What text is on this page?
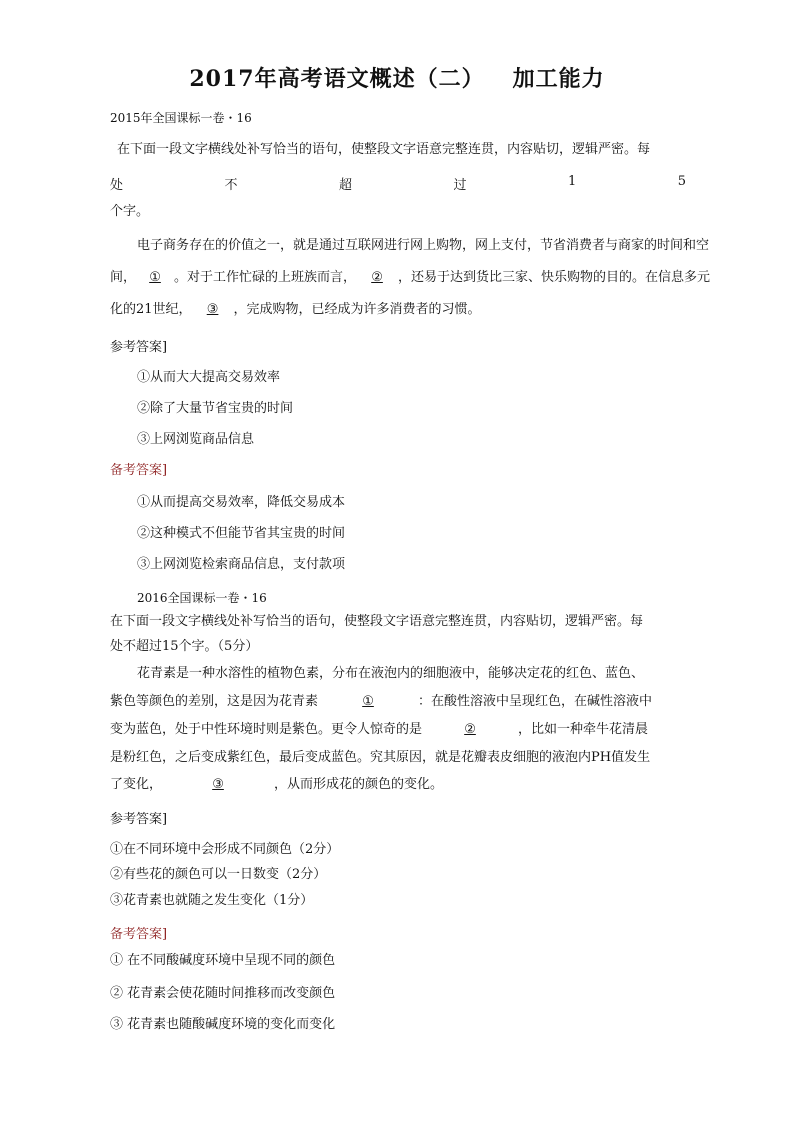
2017年高考语文概述（二） 加工能力
2015年全国课标一卷・16
在下面一段文字横线处补写恰当的语句，使整段文字语意完整连贯，内容贴切，逻辑严密。每
处	不	超	过	1	5
个字。
电子商务存在的价值之一，就是通过互联网进行网上购物，网上支付，节省消费者与商家的时间和空
间， ① 。对于工作忙碌的上班族而言， ② ，还易于达到货比三家、快乐购物的目的。在信息多元
化的21世纪， ③ ，完成购物，已经成为许多消费者的习惯。
参考答案]
①从而大大提高交易效率
②除了大量节省宝贵的时间
③上网浏览商品信息
备考答案]
①从而提高交易效率，降低交易成本
②这种模式不但能节省其宝贵的时间
③上网浏览检索商品信息，支付款项
2016全国课标一卷・16
在下面一段文字横线处补写恰当的语句，使整段文字语意完整连贯，内容贴切，逻辑严密。每
处不超过15个字。（5分）
花青素是一种水溶性的植物色素，分布在液泡内的细胞液中，能够决定花的红色、蓝色、
紫色等颜色的差别，这是因为花青素	①	：在酸性溶液中呈现红色，在碱性溶液中
变为蓝色，处于中性环境时则是紫色。更令人惊奇的是	②	，比如一种牵牛花清晨
是粉红色，之后变成紫红色，最后变成蓝色。究其原因，就是花瓣表皮细胞的液泡内PH值发生
了变化，	③	，从而形成花的颜色的变化。
参考答案]
①在不同环境中会形成不同颜色（2分）
②有些花的颜色可以一日数变（2分）
③花青素也就随之发生变化（1分）
备考答案]
① 在不同酸碱度环境中呈现不同的颜色
② 花青素会使花随时间推移而改变颜色
③ 花青素也随酸碱度环境的变化而变化
